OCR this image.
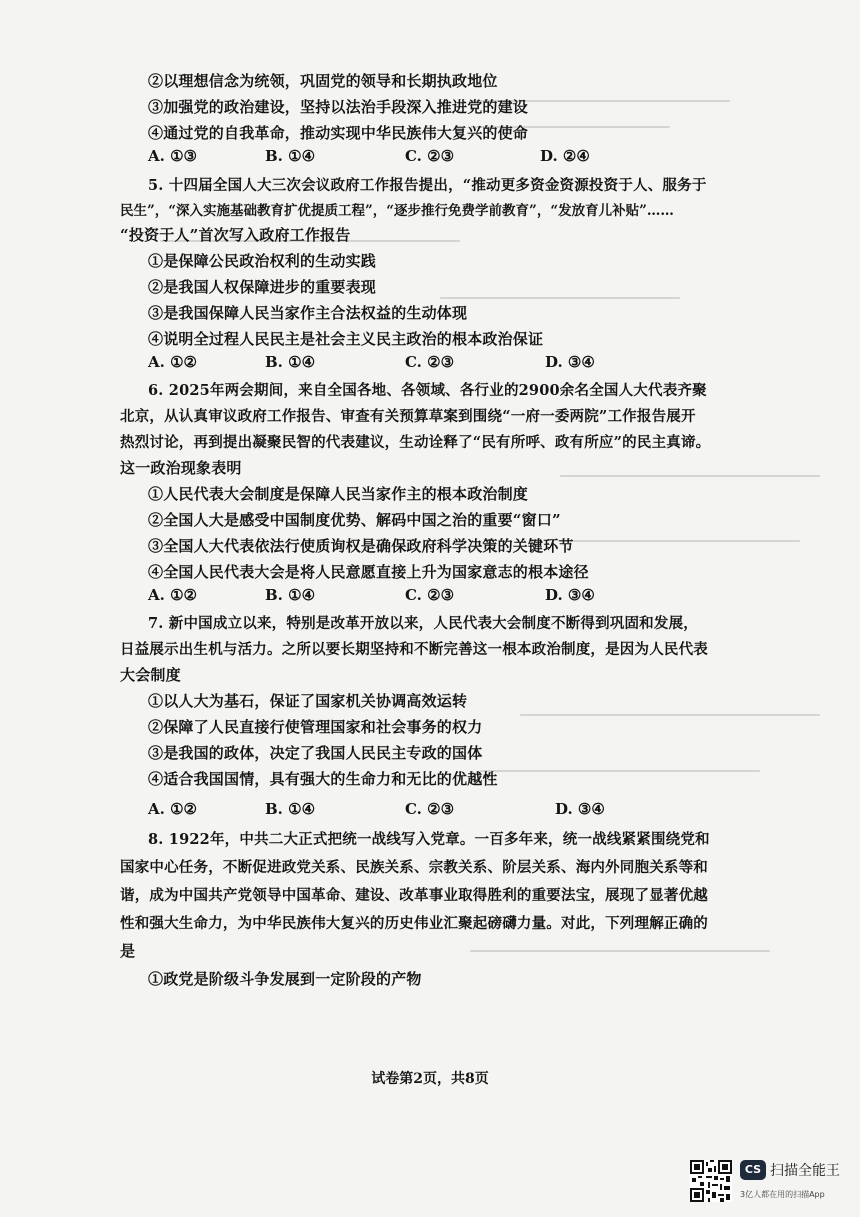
②以理想信念为统领，巩固党的领导和长期执政地位
③加强党的政治建设，坚持以法治手段深入推进党的建设
④通过党的自我革命，推动实现中华民族伟大复兴的使命
A. ①③	B. ①④	C. ②③	D. ②④
5. 十四届全国人大三次会议政府工作报告提出，“推动更多资金资源投资于人、服务于
民生”，“深入实施基础教育扩优提质工程”，“逐步推行免费学前教育”，“发放育儿补贴”……
“投资于人”首次写入政府工作报告
①是保障公民政治权利的生动实践
②是我国人权保障进步的重要表现
③是我国保障人民当家作主合法权益的生动体现
④说明全过程人民民主是社会主义民主政治的根本政治保证
A. ①②	B. ①④	C. ②③	D. ③④
6. 2025年两会期间，来自全国各地、各领域、各行业的2900余名全国人大代表齐聚
北京，从认真审议政府工作报告、审查有关预算草案到围绕“一府一委两院”工作报告展开
热烈讨论，再到提出凝聚民智的代表建议，生动诠释了“民有所呼、政有所应”的民主真谛。
这一政治现象表明
①人民代表大会制度是保障人民当家作主的根本政治制度
②全国人大是感受中国制度优势、解码中国之治的重要“窗口”
③全国人大代表依法行使质询权是确保政府科学决策的关键环节
④全国人民代表大会是将人民意愿直接上升为国家意志的根本途径
A. ①②	B. ①④	C. ②③	D. ③④
7. 新中国成立以来，特别是改革开放以来，人民代表大会制度不断得到巩固和发展，
日益展示出生机与活力。之所以要长期坚持和不断完善这一根本政治制度，是因为人民代表
大会制度
①以人大为基石，保证了国家机关协调高效运转
②保障了人民直接行使管理国家和社会事务的权力
③是我国的政体，决定了我国人民民主专政的国体
④适合我国国情，具有强大的生命力和无比的优越性
A. ①②	B. ①④	C. ②③	D. ③④
8. 1922年，中共二大正式把统一战线写入党章。一百多年来，统一战线紧紧围绕党和
国家中心任务，不断促进政党关系、民族关系、宗教关系、阶层关系、海内外同胞关系等和
谐，成为中国共产党领导中国革命、建设、改革事业取得胜利的重要法宝，展现了显著优越
性和强大生命力，为中华民族伟大复兴的历史伟业汇聚起磅礴力量。对此，下列理解正确的
是
①政党是阶级斗争发展到一定阶段的产物
试卷第2页，共8页
CS 扫描全能王
3亿人都在用的扫描App
